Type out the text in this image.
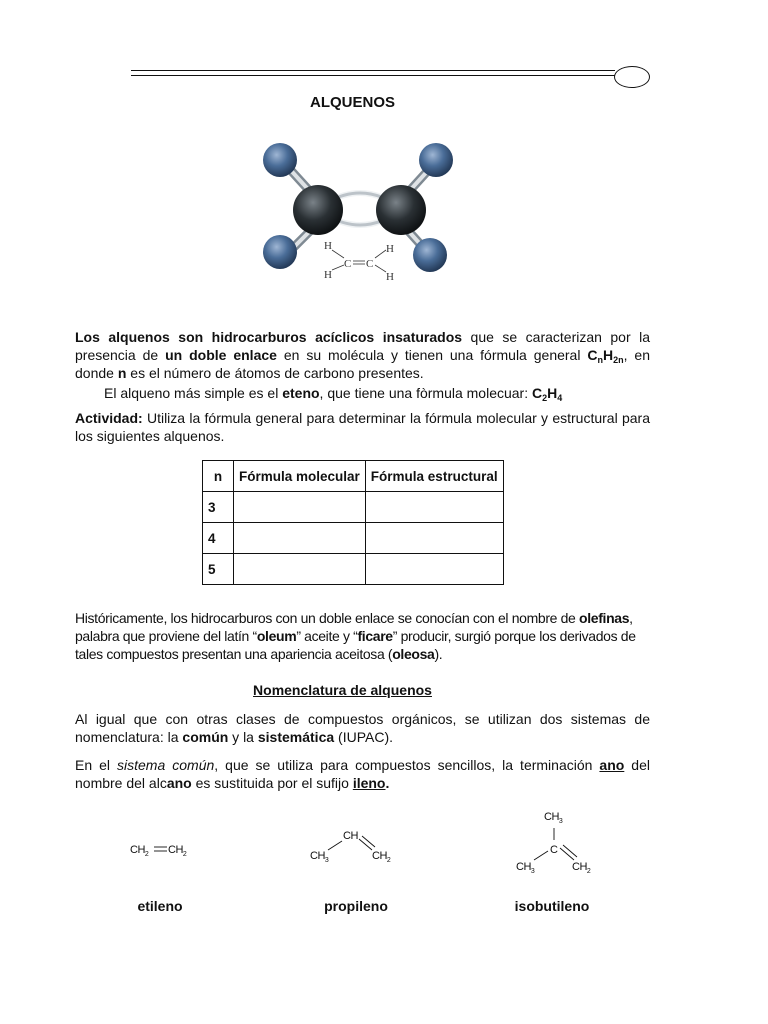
ALQUENOS
H
H
H
H
C C
Los alquenos son hidrocarburos acíclicos insaturados que se caracterizan por la presencia de un doble enlace en su molécula y tienen una fórmula general $C_nH_{2n}$, en donde n es el número de átomos de carbono presentes.
El alqueno más simple es el eteno, que tiene una fòrmula molecuar: $C_2H_4$
Actividad: Utiliza la fórmula general para determinar la fórmula molecular y estructural para los siguientes alquenos.
n	Fórmula molecular	Fórmula estructural
3		
4		
5		
Históricamente, los hidrocarburos con un doble enlace se conocían con el nombre de olefinas, palabra que proviene del latín “oleum” aceite y “ficare” producir, surgió porque los derivados de tales compuestos presentan una apariencia aceitosa (oleosa).
Nomenclatura de alquenos
Al igual que con otras clases de compuestos orgánicos, se utilizan dos sistemas de nomenclatura: la común y la sistemática (IUPAC).
En el sistema común, que se utiliza para compuestos sencillos, la terminación ano del nombre del alcano es sustituida por el sufijo ileno.
$CH_2$ $CH_2$
CH
$CH_3$	$CH_2$
$CH_3$
C
$CH_3$	$CH_2$
etileno	propileno	isobutileno
